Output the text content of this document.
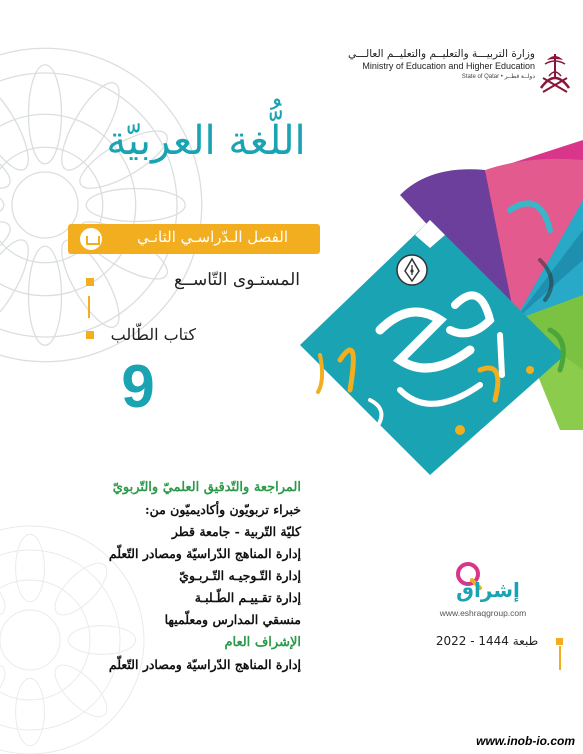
وزارة التربيـــة والتعليــم والتعليــم العالـــي
Ministry of Education and Higher Education
State of Qatar • دولــة قطــر
اللُّغة العربيّة
الفصل الـدّراسـي الثانـي
المستـوى التّاســع
كتاب الطّالب
9
المراجعة والتّدقيق العلميّ والتّربويّ
خبراء تربويّون وأكاديميّون من:
كليّة التّربية - جامعة قطر
إدارة المناهج الدّراسيّة ومصادر التّعلّم
إدارة التّـوجيـه التّـربـويّ
إدارة تقـييـم الطّـلبـة
منسقي المدارس ومعلّميها
الإشراف العام
إدارة المناهج الدّراسيّة ومصادر التّعلّم
إشراق
www.eshraqgroup.com
طبعة 1444 - 2022
www.inob-io.com
